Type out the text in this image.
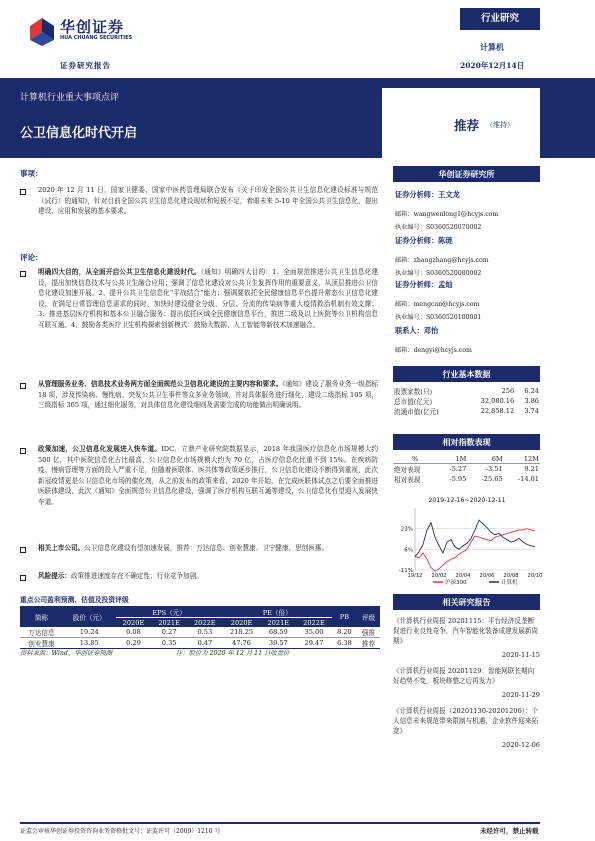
华创证券
HUA CHUANG SECURITIES
证券研究报告
行业研究
计算机
2020年12月14日
计算机行业重大事项点评
公卫信息化时代开启
推荐 （维持）
事项：
2020 年 12 月 11 日，国家卫健委、国家中医药管理局联合发布《关于印发全国公共卫生信息化建设标准与规范（试行）的通知》，针对目前全国公共卫生信息化建设现状和短板不足，着眼未来 5-10 年全国公共卫生信息化，提出建设、应用和发展的基本要求。
评论：
明确四大目的，从全面开启公共卫生信息化建设时代。《通知》明确四大目的：1、全面规范推进公共卫生信息化建设，提出加快信息技术与公共卫生融合应用；强调了信息化建设对公共卫生发挥作用的重要意义，从顶层推进公卫信息化建设加速开展。2、提升公共卫生信息化“平战结合”能力；强调要依托全民健康信息平台提升常态公卫信息化建设，在满足日常管理信息需求的同时，加快时建设健全分级、分层、分流的传染病等重大疫情救治机制有效支撑；3、推进基层医疗机构和基本公卫融合服务：提出依托区域全民健康信息平台，推进二级及以上医院等公卫机构信息互联互通。4、鼓励各类医疗卫生机构探索创新模式：鼓励大数据、人工智能等新技术加速融合。
从管理服务业务、信息技术业务两方面全面规范公卫信息化建设的主要内容和要求。《通知》建设了服务业务一级指标 18 项，涉及传染病、慢性病、突发公共卫生事件等众多业务领域，并对具体服务进行细化，建设二级指标 105 项，三级指标 365 项，通过细化服务，对具体信息化建设细则及需要完成的功能做出明确说明。
政策加速，公卫信息化发展进入快车道。IDC、立鼎产业研究院数据显示，2018 年我国医疗信息化市场规模大约 500 亿，其中医院信息化占比最高，公卫信息化市场规模大约为 70 亿，占医疗信息化比重不到 15%。在疾病防疫、慢病管理等方面的投入严重不足，但随着医联体、医共体等政策逐步推行，公卫信息化建设不断得到重视，此次新冠疫情更是公卫信息化市场的催化剂，从之前发布的政策来看，2020 年开始，在完成医联体试点之后要全面推进医联体建设，此次《通知》全面规范公卫信息化建设，强调了医疗机构互联互通等建设，公卫信息化有望迎入发展快车道。
相关上市公司。公卫信息化建设有望加速发展，推荐：万达信息、创业慧康、卫宁健康、思创医惠。
风险提示：政策推进速度存在不确定性；行业竞争加剧。
重点公司盈利预测、估值及投资评级
简称	股价（元）	EPS（元）			PE（倍）			PB	评级
		2020E	2021E	2022E	2020E	2021E	2022E		
万达信息	19.24	0.08	0.27	0.53	218.25	68.59	35.00	8.20	强推
创业慧康	13.85	0.29	0.35	0.47	47.76	39.57	29.47	6.38	推荐
资料来源：Wind，华创证券预测	注：股价为 2020 年 12 月 11 日收盘价
华创证券研究所
证券分析师：王文龙
邮箱：wangwenlong1@hcyjs.com
执业编号：S0360520070002
证券分析师：陈琏
邮箱：zhangzhang@hcyjs.com
执业编号：S0360520080002
证券分析师：孟灿
邮箱：mengcan@hcyjs.com
执业编号：S0360520100001
联系人：邓怡
邮箱：dengyi@hcyjs.com
行业基本数据
股票家数(只)	256	6.24
总市值(亿元)	32,080.16	3.86
流通市值(亿元)	22,858.12	3.74
相对指数表现
%	1M	6M	12M
绝对表现	-5.27	-3.51	9.21
相对表现	-5.95	-25.65	-14.01
2019-12-16~2020-12-11
23%
6%
-11%
19/12 20/02 20/04 20/06 20/08 20/10
沪深300	计算机
相关研究报告

《计算机行业周报 20201115：平台经济反垄断促进行业良性竞争，汽车智能化装备成建发展新周期》

2020-11-15

《计算机行业周报 20201129：智能网联长期向好趋势不变，板块修整之后再发力》

2020-11-29

《计算机行业周报（20201130-20201206）：个人信息未来规范带来限制与机遇，企业软件迎来拓宽》

2020-12-06

证监会审核华创证券投资咨询业务资格批文号：证监许可（2009）1210 号	未经许可，禁止转载
